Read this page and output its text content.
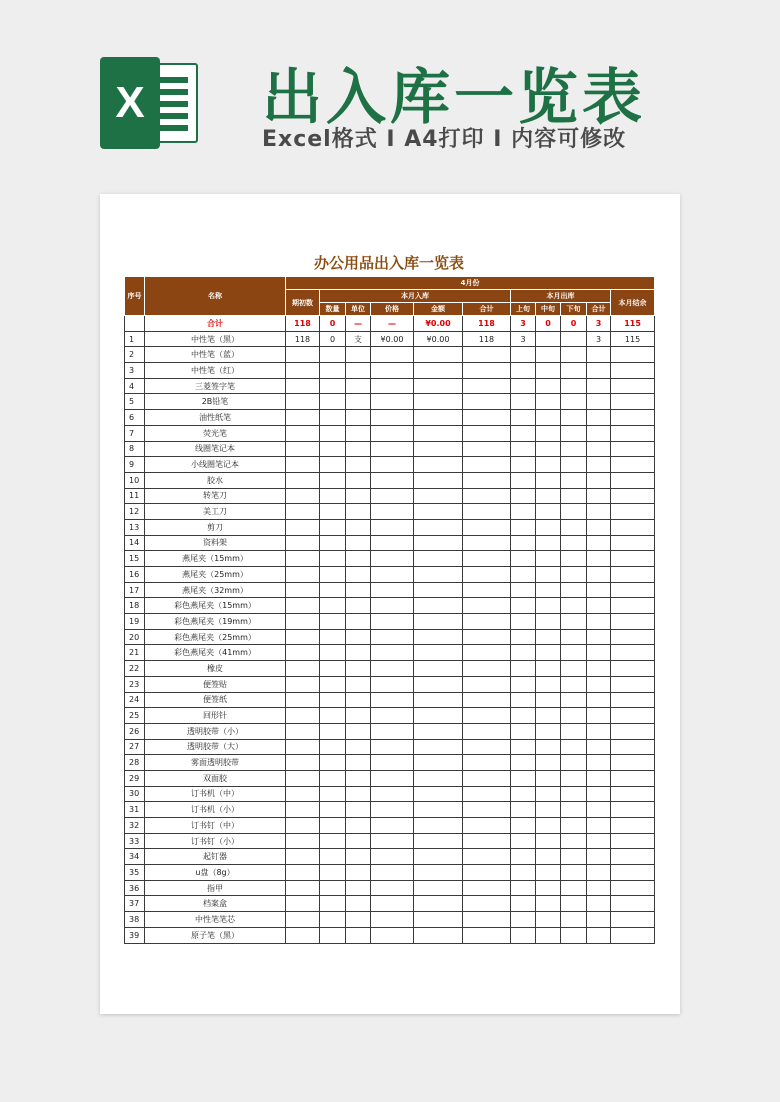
X 出入库一览表
Excel格式 I A4打印 I 内容可修改
办公用品出入库一览表
序号	名称	4月份										
		期初数	本月入库					本月出库				本月结余
			数量	单位	价格	金额	合计	上旬	中旬	下旬	合计	
	合计	118	0	—	—	¥0.00	118	3	0	0	3	115
1	中性笔（黑）	118	0	支	¥0.00	¥0.00	118	3			3	115
2	中性笔（蓝）											
3	中性笔（红）											
4	三菱签字笔											
5	2B铅笔											
6	油性纸笔											
7	荧光笔											
8	线圈笔记本											
9	小线圈笔记本											
10	胶水											
11	转笔刀											
12	美工刀											
13	剪刀											
14	资料架											
15	燕尾夹（15mm）											
16	燕尾夹（25mm）											
17	燕尾夹（32mm）											
18	彩色燕尾夹（15mm）											
19	彩色燕尾夹（19mm）											
20	彩色燕尾夹（25mm）											
21	彩色燕尾夹（41mm）											
22	橡皮											
23	便签贴											
24	便签纸											
25	回形针											
26	透明胶带（小）											
27	透明胶带（大）											
28	雾面透明胶带											
29	双面胶											
30	订书机（中）											
31	订书机（小）											
32	订书钉（中）											
33	订书钉（小）											
34	起钉器											
35	u盘（8g）											
36	指甲											
37	档案盒											
38	中性笔笔芯											
39	原子笔（黑）											
